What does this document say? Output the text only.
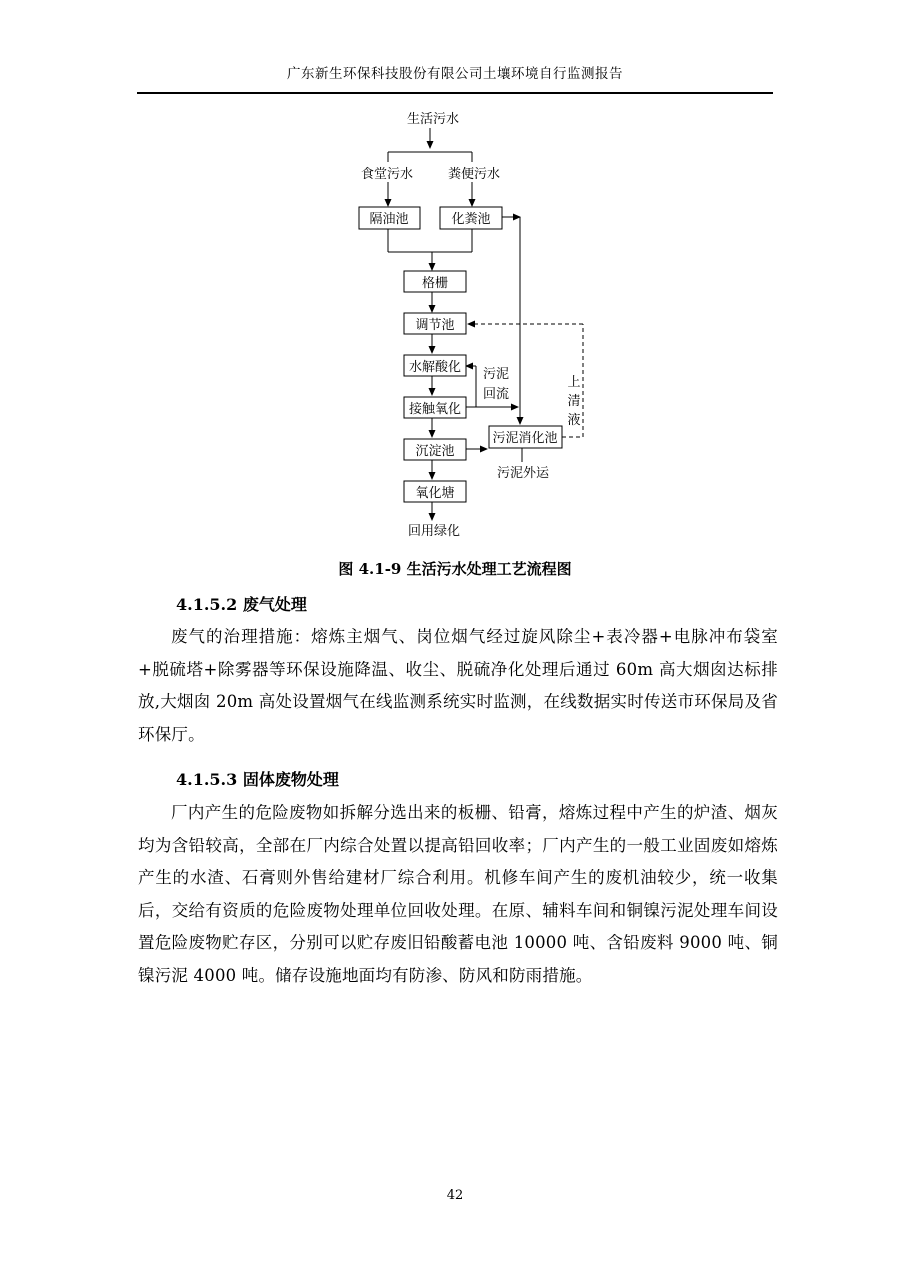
广东新生环保科技股份有限公司土壤环境自行监测报告
生活污水
食堂污水	粪便污水
隔油池	化粪池
格栅
调节池
水解酸化
接触氧化
沉淀池
氧化塘
污泥消化池
污泥
回流
上
清
液
污泥外运
回用绿化
图 4.1-9 生活污水处理工艺流程图
4.1.5.2 废气处理
废气的治理措施：熔炼主烟气、岗位烟气经过旋风除尘+表冷器+电脉冲布袋室+脱硫塔+除雾器等环保设施降温、收尘、脱硫净化处理后通过 60m 高大烟囱达标排放,大烟囱 20m 高处设置烟气在线监测系统实时监测，在线数据实时传送市环保局及省环保厅。
4.1.5.3 固体废物处理
厂内产生的危险废物如拆解分选出来的板栅、铅膏，熔炼过程中产生的炉渣、烟灰均为含铅较高，全部在厂内综合处置以提高铅回收率；厂内产生的一般工业固废如熔炼产生的水渣、石膏则外售给建材厂综合利用。机修车间产生的废机油较少，统一收集后，交给有资质的危险废物处理单位回收处理。在原、辅料车间和铜镍污泥处理车间设置危险废物贮存区，分别可以贮存废旧铅酸蓄电池 10000 吨、含铅废料 9000 吨、铜镍污泥 4000 吨。储存设施地面均有防渗、防风和防雨措施。
42
